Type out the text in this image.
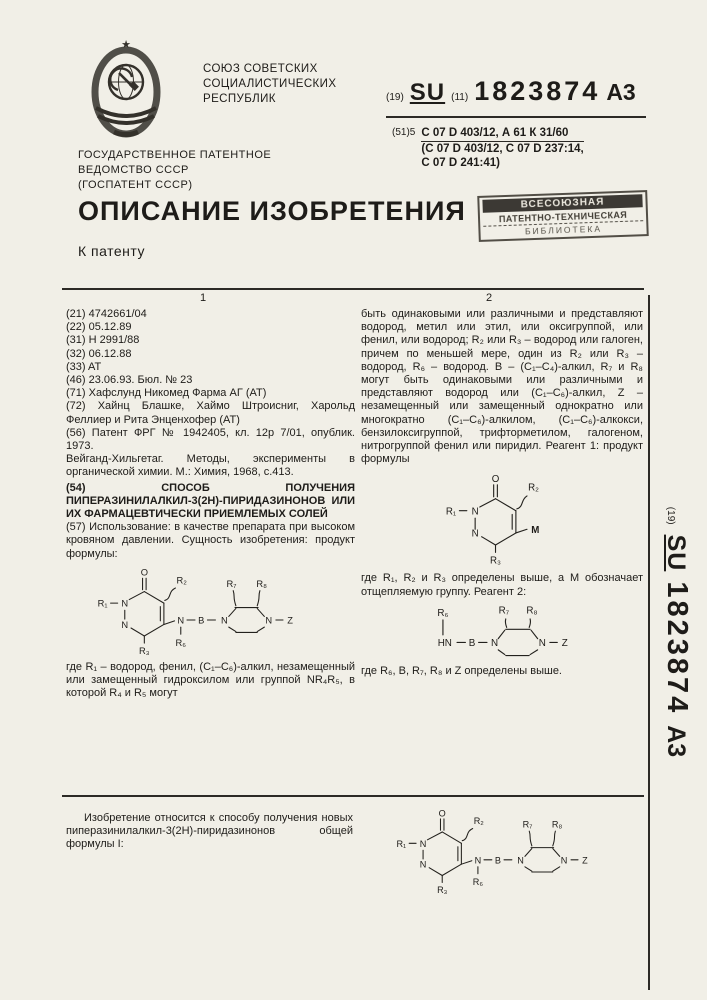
★
СОЮЗ СОВЕТСКИХ
СОЦИАЛИСТИЧЕСКИХ
РЕСПУБЛИК	(19) SU (11) 1823874 А3
(51)5 С 07 D 403/12, А 61 К 31/60
(С 07 D 403/12, С 07 D 237:14,
С 07 D 241:41)
ГОСУДАРСТВЕННОЕ ПАТЕНТНОЕ
ВЕДОМСТВО СССР
(ГОСПАТЕНТ СССР)
ОПИСАНИЕ ИЗОБРЕТЕНИЯ	ВСЕСОЮЗНАЯ
ПАТЕНТНО-ТЕХНИЧЕСКАЯ
БИБЛИОТЕКА
К патенту
1	2

(21) 4742661/04

(22) 05.12.89

(31) Н 2991/88

(32) 06.12.88

(33) AT

(46) 23.06.93. Бюл. № 23

(71) Хафслунд Никомед Фарма АГ (АТ)

(72) Хайнц Блашке, Хаймо Штроисниг, Харольд Феллиер и Рита Энценхофер (АТ)

(56) Патент ФРГ № 1942405, кл. 12р 7/01, опублик. 1973.

Вейганд-Хильгетаг. Методы, эксперименты в органической химии. М.: Химия, 1968, с.413.

(54) СПОСОБ ПОЛУЧЕНИЯ ПИПЕРАЗИНИЛАЛКИЛ-3(2Н)-ПИРИДАЗИНОНОВ ИЛИ ИХ ФАРМАЦЕВТИЧЕСКИ ПРИЕМЛЕМЫХ СОЛЕЙ

(57) Использование: в качестве препарата при высоком кровяном давлении. Сущность изобретения: продукт формулы:

O
R₁ N
N
R₂
R₃
N
R₆
B N
R₇ R₈
N Z

где R₁ – водород, фенил, (С₁–С₆)-алкил, незамещенный или замещенный гидроксилом или группой NR₄R₅, в которой R₄ и R₅ могут

быть одинаковыми или различными и представляют водород, метил или этил, или оксигруппой, или фенил, или водород; R₂ или R₃ – водород или галоген, причем по меньшей мере, один из R₂ или R₃ – водород, R₆ – водород. В – (С₁–С₄)-алкил, R₇ и R₈ могут быть одинаковыми или различными и представляют водород или (С₁–С₆)-алкил, Z – незамещенный или замещенный однократно или многократно (С₁–С₆)-алкилом, (С₁–С₆)-алкокси, бензилоксигруппой, трифторметилом, галогеном, нитрогруппой фенил или пиридил. Реагент 1: продукт формулы

O
R₁ N
N
R₂
M
R₃

где R₁, R₂ и R₃ определены выше, а М обозначает отщепляемую группу. Реагент 2:

R₆
HN B N
R₇ R₈
N Z

где R₆, В, R₇, R₈ и Z определены выше.

Изобретение относится к способу получения новых пиперазинилалкил-3(2Н)-пиридазинонов общей формулы I:

O
R₁ N
N
R₂
R₃
N
R₆
B N
R₇ R₈
N Z
(19)
SU
1823874
А3
